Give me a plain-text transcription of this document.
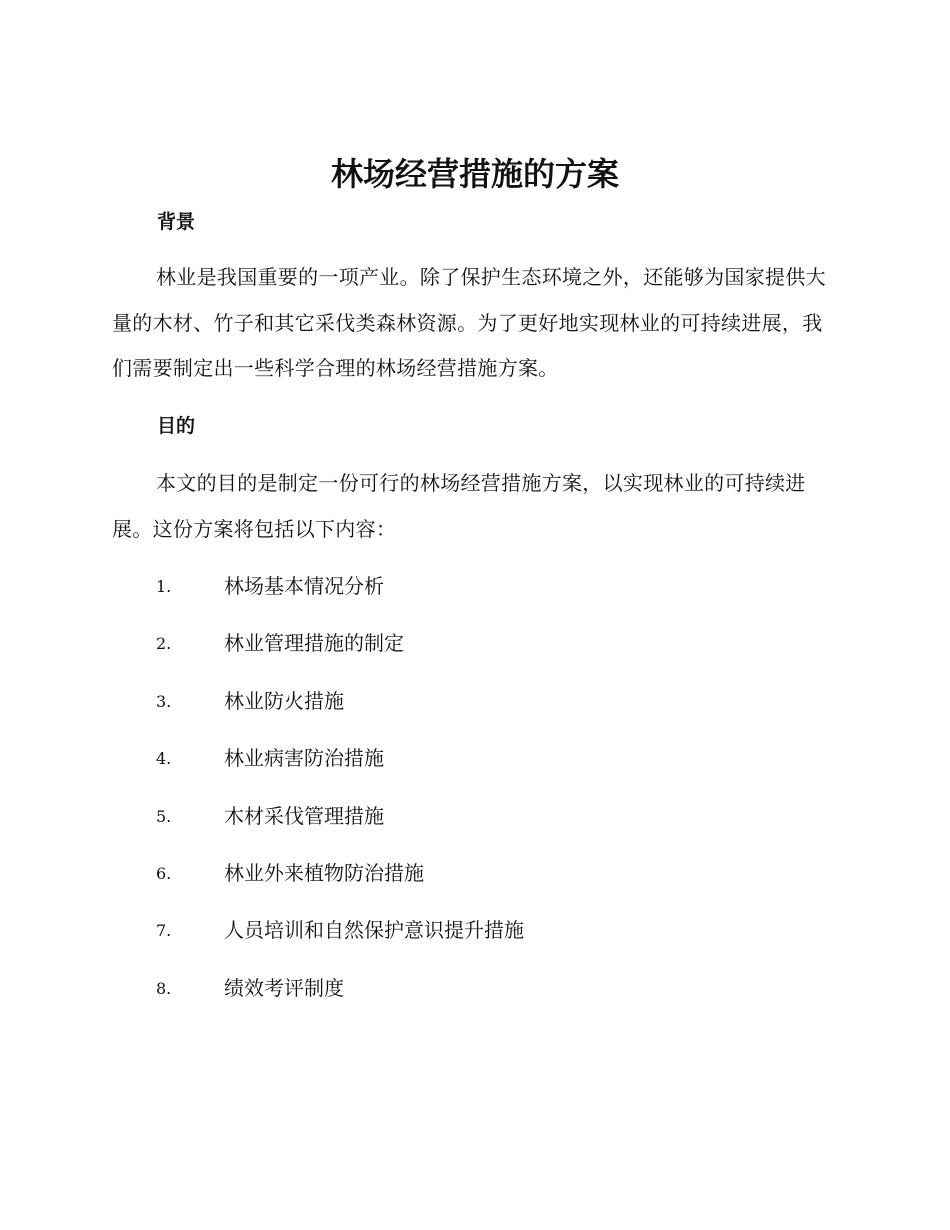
林场经营措施的方案
背景

林业是我国重要的一项产业。除了保护生态环境之外，还能够为国家提供大量的木材、竹子和其它采伐类森林资源。为了更好地实现林业的可持续进展，我们需要制定出一些科学合理的林场经营措施方案。

目的

本文的目的是制定一份可行的林场经营措施方案，以实现林业的可持续进展。这份方案将包括以下内容：

1.	林场基本情况分析
2.	林业管理措施的制定
3.	林业防火措施
4.	林业病害防治措施
5.	木材采伐管理措施
6.	林业外来植物防治措施
7.	人员培训和自然保护意识提升措施
8.	绩效考评制度
